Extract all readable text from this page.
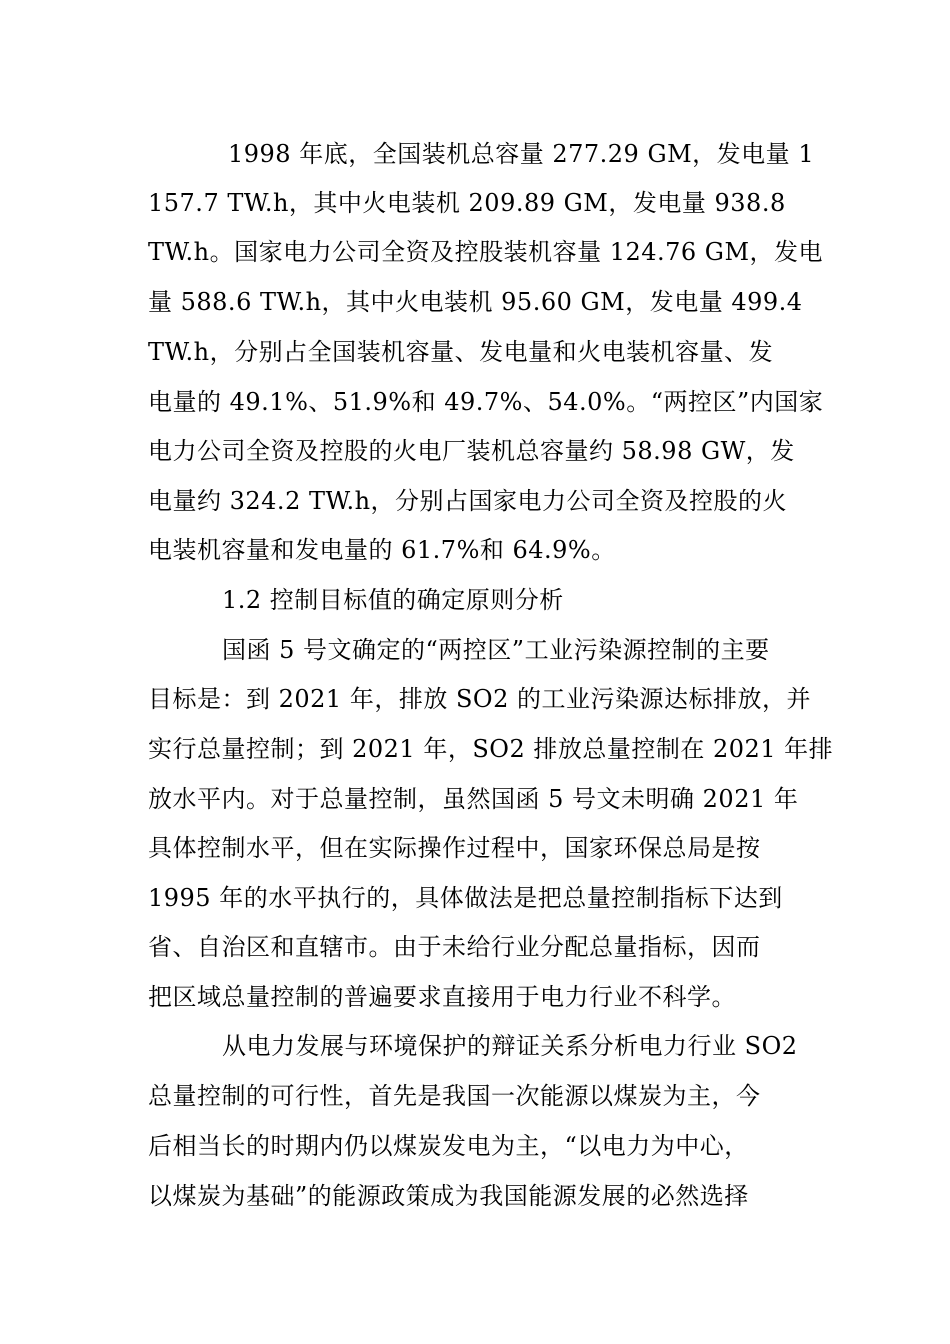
1998 年底，全国装机总容量 277.29 GM，发电量 1
157.7 TW.h，其中火电装机 209.89 GM，发电量 938.8
TW.h。国家电力公司全资及控股装机容量 124.76 GM，发电
量 588.6 TW.h，其中火电装机 95.60 GM，发电量 499.4
TW.h，分别占全国装机容量、发电量和火电装机容量、发
电量的 49.1%、51.9%和 49.7%、54.0%。“两控区”内国家
电力公司全资及控股的火电厂装机总容量约 58.98 GW，发
电量约 324.2 TW.h，分别占国家电力公司全资及控股的火
电装机容量和发电量的 61.7%和 64.9%。
1.2 控制目标值的确定原则分析
国函 5 号文确定的“两控区”工业污染源控制的主要
目标是：到 2021 年，排放 SO2 的工业污染源达标排放，并
实行总量控制；到 2021 年，SO2 排放总量控制在 2021 年排
放水平内。对于总量控制，虽然国函 5 号文未明确 2021 年
具体控制水平，但在实际操作过程中，国家环保总局是按
1995 年的水平执行的，具体做法是把总量控制指标下达到
省、自治区和直辖市。由于未给行业分配总量指标，因而
把区域总量控制的普遍要求直接用于电力行业不科学。
从电力发展与环境保护的辩证关系分析电力行业 SO2
总量控制的可行性，首先是我国一次能源以煤炭为主，今
后相当长的时期内仍以煤炭发电为主，“以电力为中心，
以煤炭为基础”的能源政策成为我国能源发展的必然选择
